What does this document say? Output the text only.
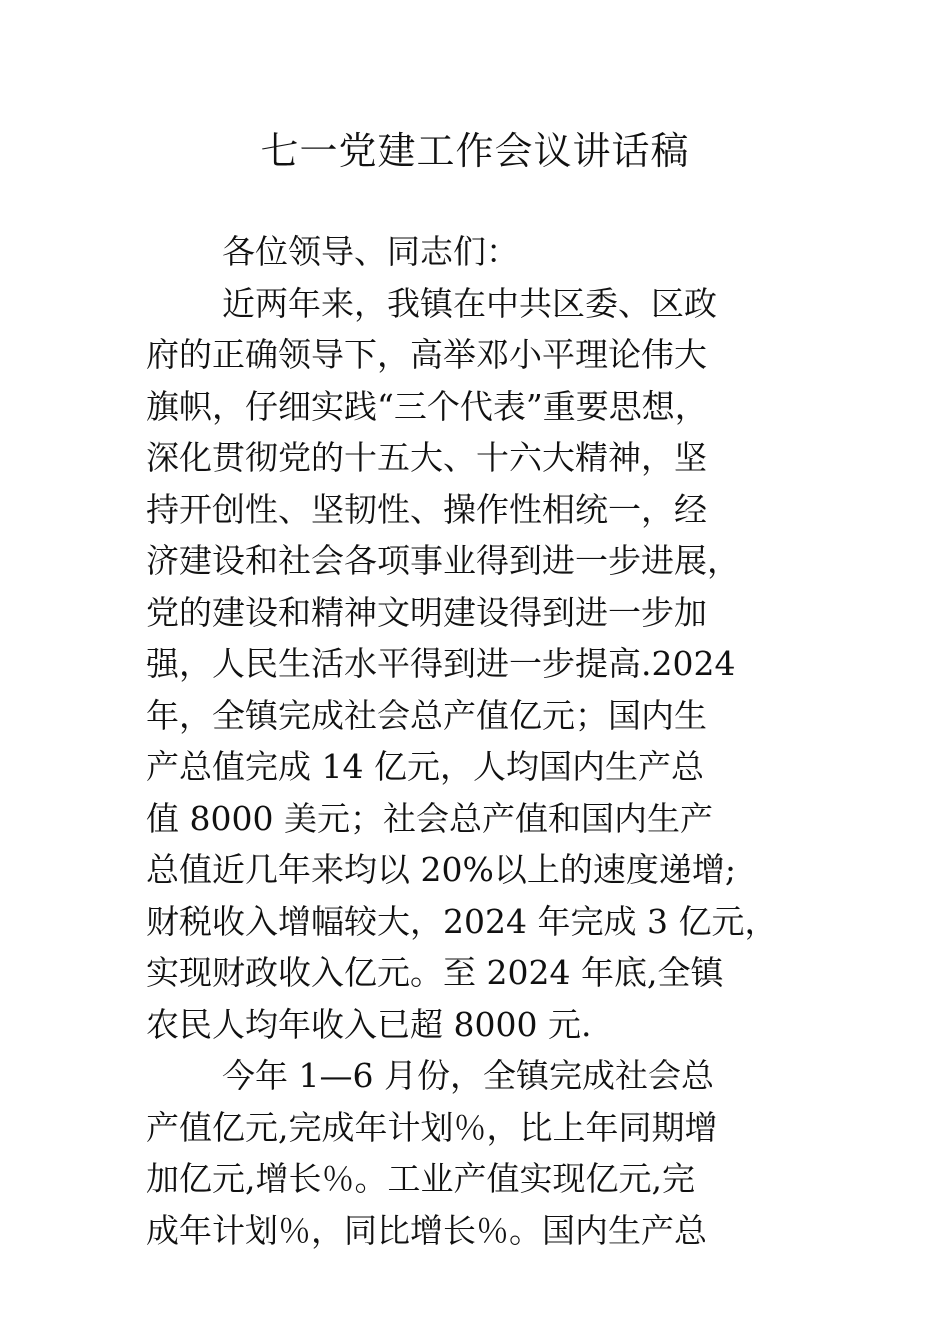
七一党建工作会议讲话稿
各位领导、同志们：
近两年来，我镇在中共区委、区政
府的正确领导下，高举邓小平理论伟大
旗帜，仔细实践“三个代表”重要思想，
深化贯彻党的十五大、十六大精神，坚
持开创性、坚韧性、操作性相统一，经
济建设和社会各项事业得到进一步进展，
党的建设和精神文明建设得到进一步加
强，人民生活水平得到进一步提高.2024
年，全镇完成社会总产值亿元；国内生
产总值完成 14 亿元，人均国内生产总
值 8000 美元；社会总产值和国内生产
总值近几年来均以 20%以上的速度递增;
财税收入增幅较大，2024 年完成 3 亿元，
实现财政收入亿元。至 2024 年底,全镇
农民人均年收入已超 8000 元.
今年 1—6 月份，全镇完成社会总
产值亿元,完成年计划％，比上年同期增
加亿元,增长％。工业产值实现亿元,完
成年计划％，同比增长％。国内生产总
